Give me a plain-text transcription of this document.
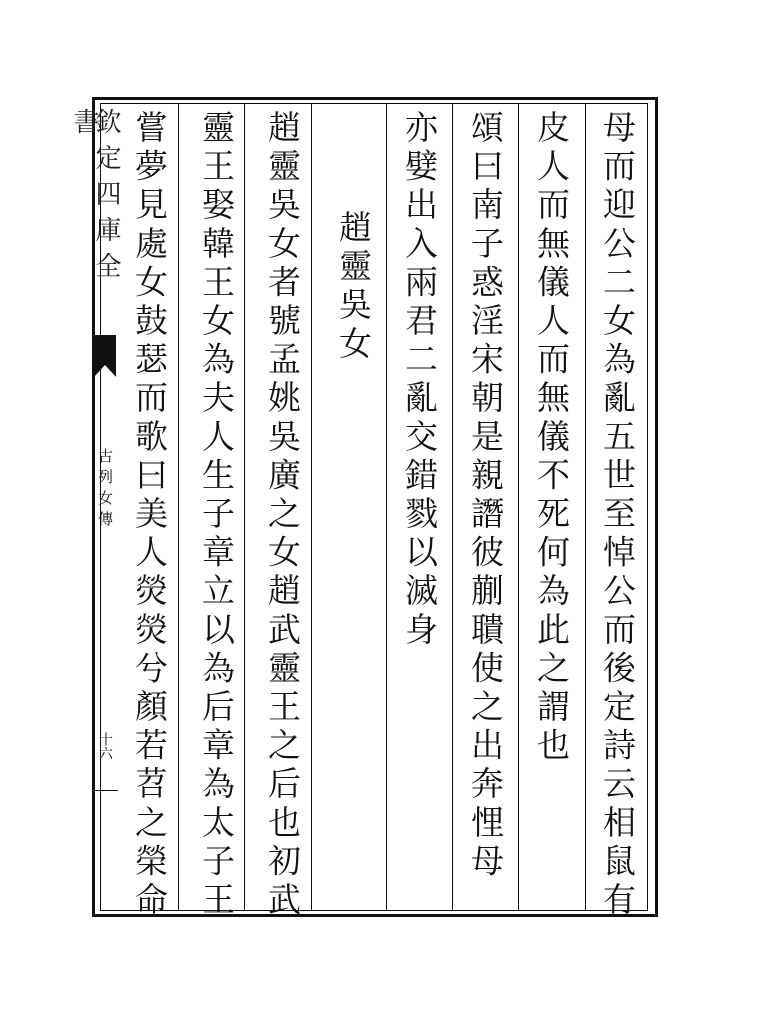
欽定四庫全書
古列女傳
十六	母而迎公二女為亂五世至悼公而後定詩云相鼠有
皮人而無儀人而無儀不死何為此之謂也
頌曰南子惑淫宋朝是親譖彼蒯聵使之出奔悝母
亦嬖出入兩君二亂交錯戮以滅身
趙靈吳女
趙靈吳女者號孟姚吳廣之女趙武靈王之后也初武
靈王娶韓王女為夫人生子章立以為后章為太子王
嘗夢見處女鼓瑟而歌曰美人熒熒兮顏若苕之榮命
